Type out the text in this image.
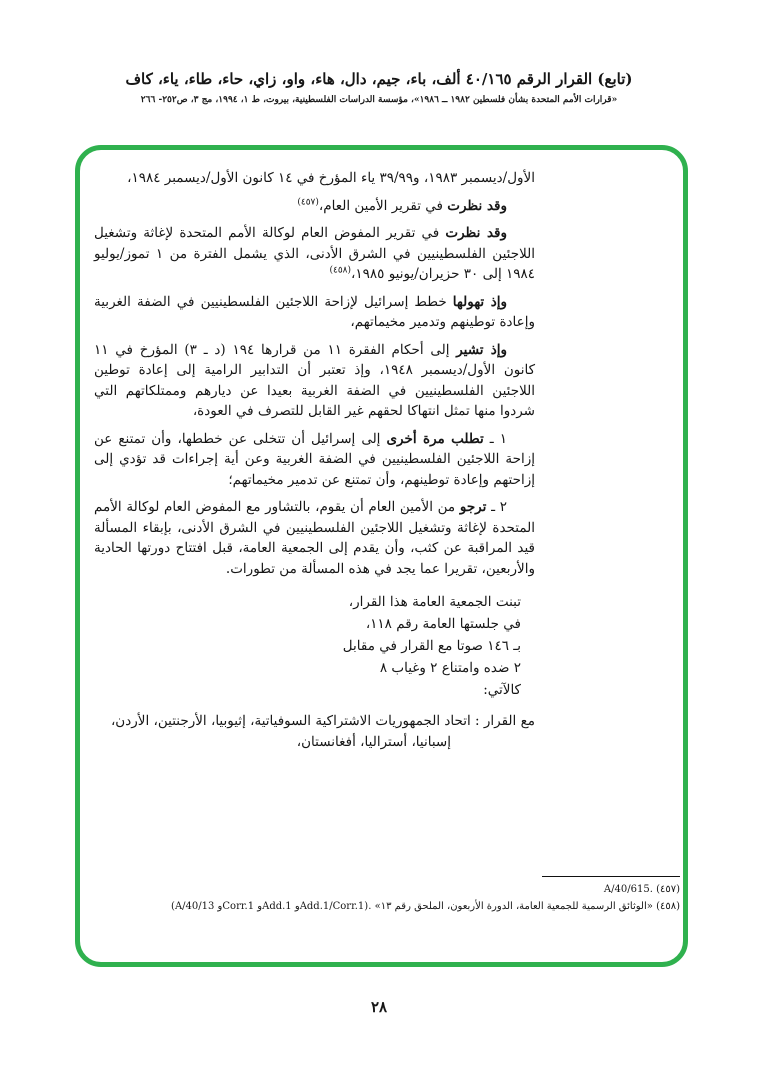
(تابع) القرار الرقم ٤٠/١٦٥ ألف، باء، جيم، دال، هاء، واو، زاي، حاء، طاء، ياء، كاف
«قرارات الأمم المتحدة بشأن فلسطين ١٩٨٢ ــ ١٩٨٦»، مؤسسة الدراسات الفلسطينية، بيروت، ط ١، ١٩٩٤، مج ٣، ص٢٥٢- ٢٦٦

الأول/ديسمبر ١٩٨٣، و٣٩/٩٩ ياء المؤرخ في ١٤ كانون الأول/ديسمبر ١٩٨٤،

وقد نظرت في تقرير الأمين العام،$^{(٤٥٧)}$

وقد نظرت في تقرير المفوض العام لوكالة الأمم المتحدة لإغاثة وتشغيل اللاجئين الفلسطينيين في الشرق الأدنى، الذي يشمل الفترة من ١ تموز/يوليو ١٩٨٤ إلى ٣٠ حزيران/يونيو ١٩٨٥،$^{(٤٥٨)}$

وإذ تهولها خطط إسرائيل لإزاحة اللاجئين الفلسطينيين في الضفة الغربية وإعادة توطينهم وتدمير مخيماتهم،

وإذ تشير إلى أحكام الفقرة ١١ من قرارها ١٩٤ (د ـ ٣) المؤرخ في ١١ كانون الأول/ديسمبر ١٩٤٨، وإذ تعتبر أن التدابير الرامية إلى إعادة توطين اللاجئين الفلسطينيين في الضفة الغربية بعيدا عن ديارهم وممتلكاتهم التي شردوا منها تمثل انتهاكا لحقهم غير القابل للتصرف في العودة،

١ ـ تطلب مرة أخرى إلى إسرائيل أن تتخلى عن خططها، وأن تمتنع عن إزاحة اللاجئين الفلسطينيين في الضفة الغربية وعن أية إجراءات قد تؤدي إلى إزاحتهم وإعادة توطينهم، وأن تمتنع عن تدمير مخيماتهم؛

٢ ـ ترجو من الأمين العام أن يقوم، بالتشاور مع المفوض العام لوكالة الأمم المتحدة لإغاثة وتشغيل اللاجئين الفلسطينيين في الشرق الأدنى، بإبقاء المسألة قيد المراقبة عن كثب، وأن يقدم إلى الجمعية العامة، قبل افتتاح دورتها الحادية والأربعين، تقريرا عما يجد في هذه المسألة من تطورات.

تبنت الجمعية العامة هذا القرار،
في جلستها العامة رقم ١١٨،
بـ ١٤٦ صوتا مع القرار في مقابل
٢ ضده وامتناع ٢ وغياب ٨
كالآتي:

مع القرار : اتحاد الجمهوريات الاشتراكية السوفياتية، إثيوبيا، الأرجنتين، الأردن، إسبانيا، أستراليا، أفغانستان،

(٤٥٧) A/40/615.
(٤٥٨) «الوثائق الرسمية للجمعية العامة، الدورة الأربعون، الملحق رقم ١٣» (A/40/13 وCorr.1 وAdd.1 وAdd.1/Corr.1).
٢٨
